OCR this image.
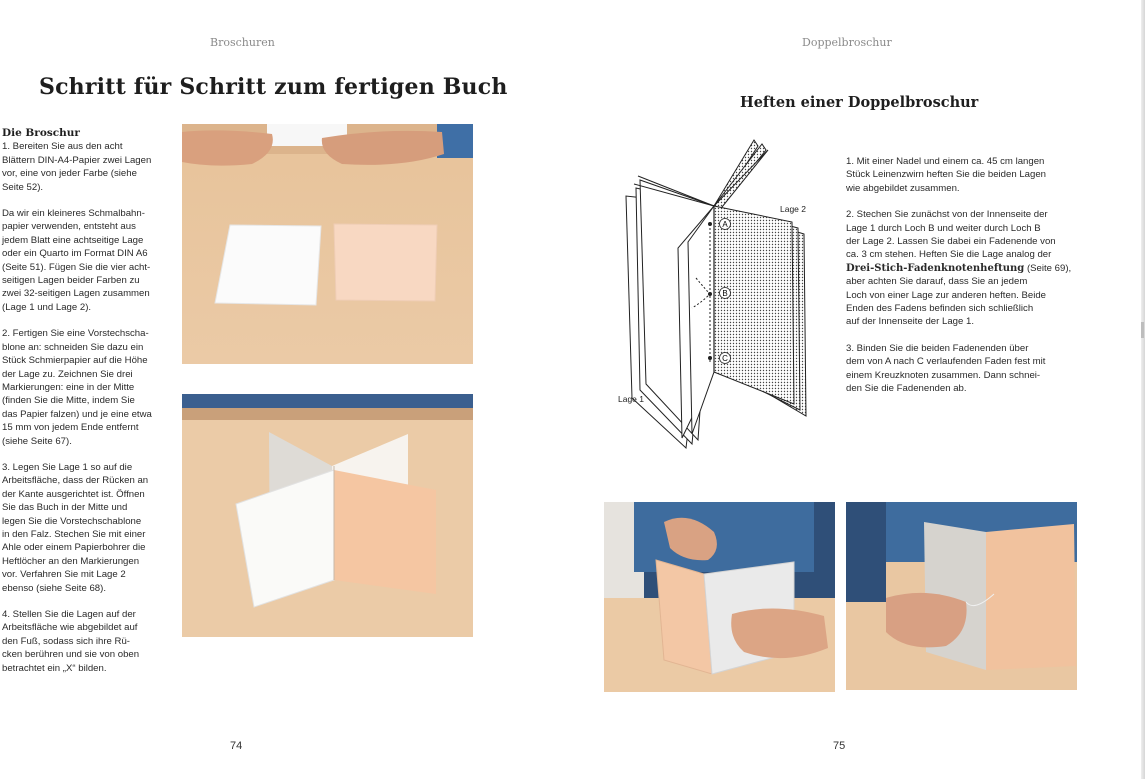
Broschuren
Schritt für Schritt zum fertigen Buch
Die Broschur

1. Bereiten Sie aus den acht
Blättern DIN-A4-Papier zwei Lagen
vor, eine von jeder Farbe (siehe
Seite 52).

Da wir ein kleineres Schmalbahn-
papier verwenden, entsteht aus
jedem Blatt eine achtseitige Lage
oder ein Quarto im Format DIN A6
(Seite 51). Fügen Sie die vier acht-
seitigen Lagen beider Farben zu
zwei 32-seitigen Lagen zusammen
(Lage 1 und Lage 2).

2. Fertigen Sie eine Vorstechscha-
blone an: schneiden Sie dazu ein
Stück Schmierpapier auf die Höhe
der Lage zu. Zeichnen Sie drei
Markierungen: eine in der Mitte
(finden Sie die Mitte, indem Sie
das Papier falzen) und je eine etwa
15 mm von jedem Ende entfernt
(siehe Seite 67).

3. Legen Sie Lage 1 so auf die
Arbeitsfläche, dass der Rücken an
der Kante ausgerichtet ist. Öffnen
Sie das Buch in der Mitte und
legen Sie die Vorstechschablone
in den Falz. Stechen Sie mit einer
Ahle oder einem Papierbohrer die
Heftlöcher an den Markierungen
vor. Verfahren Sie mit Lage 2
ebenso (siehe Seite 68).

4. Stellen Sie die Lagen auf der
Arbeitsfläche wie abgebildet auf
den Fuß, sodass sich ihre Rü-
cken berühren und sie von oben
betrachtet ein „X“ bilden.

74
Doppelbroschur
Heften einer Doppelbroschur
A
B
C
Lage 2
Lage 1

1. Mit einer Nadel und einem ca. 45 cm langen
Stück Leinenzwirn heften Sie die beiden Lagen
wie abgebildet zusammen.

2. Stechen Sie zunächst von der Innenseite der
Lage 1 durch Loch B und weiter durch Loch B
der Lage 2. Lassen Sie dabei ein Fadenende von
ca. 3 cm stehen. Heften Sie die Lage analog der
Drei-Stich-Fadenknotenheftung (Seite 69),
aber achten Sie darauf, dass Sie an jedem
Loch von einer Lage zur anderen heften. Beide
Enden des Fadens befinden sich schließlich
auf der Innenseite der Lage 1.

3. Binden Sie die beiden Fadenenden über
dem von A nach C verlaufenden Faden fest mit
einem Kreuzknoten zusammen. Dann schnei-
den Sie die Fadenenden ab.

75
